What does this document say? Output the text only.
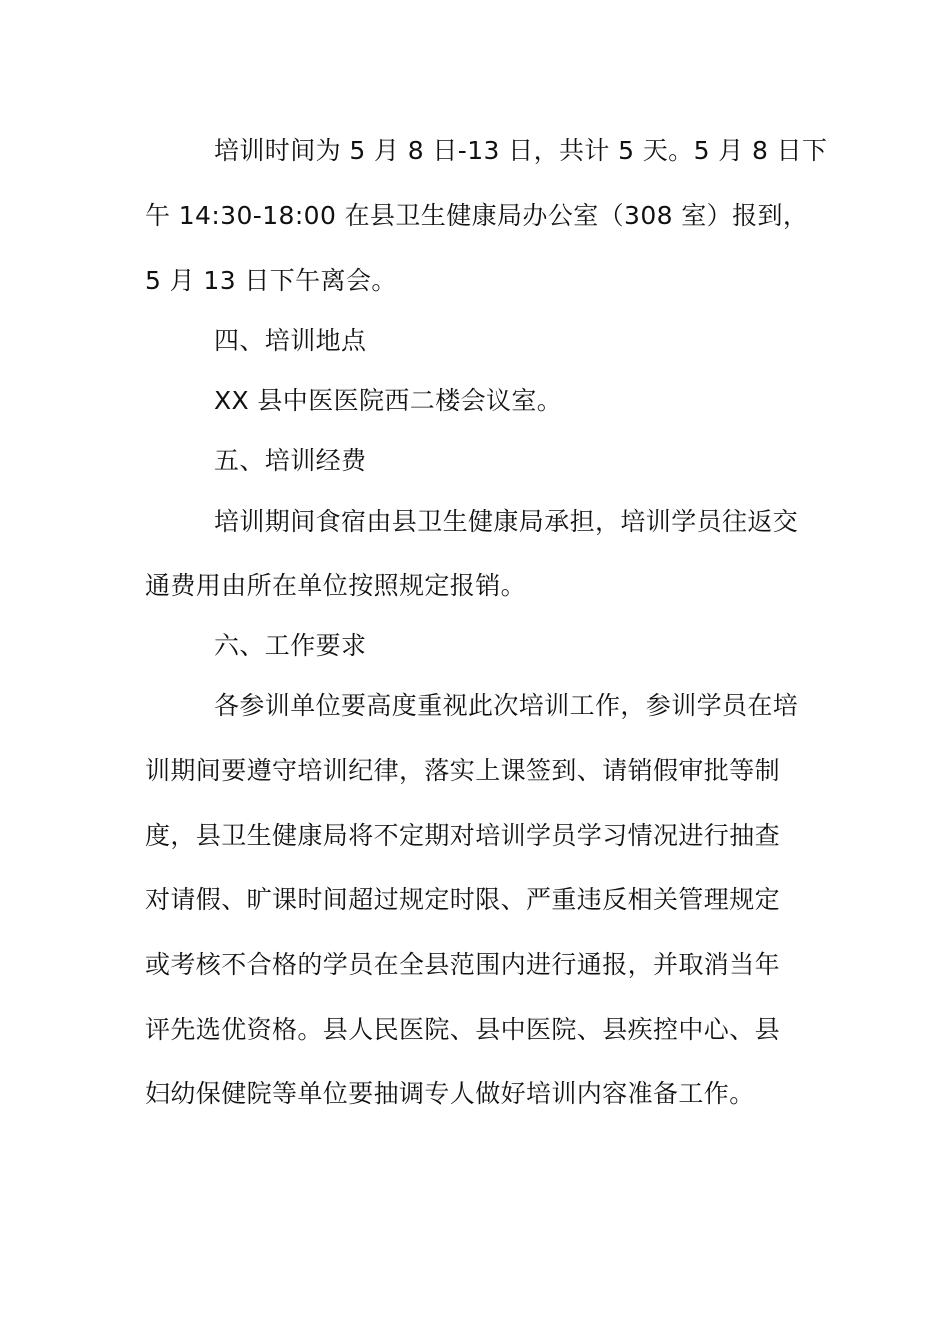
培训时间为 5 月 8 日-13 日，共计 5 天。5 月 8 日下
午 14:30-18:00 在县卫生健康局办公室（308 室）报到，
5 月 13 日下午离会。
四、培训地点
XX 县中医医院西二楼会议室。
五、培训经费
培训期间食宿由县卫生健康局承担，培训学员往返交
通费用由所在单位按照规定报销。
六、工作要求
各参训单位要高度重视此次培训工作，参训学员在培
训期间要遵守培训纪律，落实上课签到、请销假审批等制
度，县卫生健康局将不定期对培训学员学习情况进行抽查
对请假、旷课时间超过规定时限、严重违反相关管理规定
或考核不合格的学员在全县范围内进行通报，并取消当年
评先选优资格。县人民医院、县中医院、县疾控中心、县
妇幼保健院等单位要抽调专人做好培训内容准备工作。
